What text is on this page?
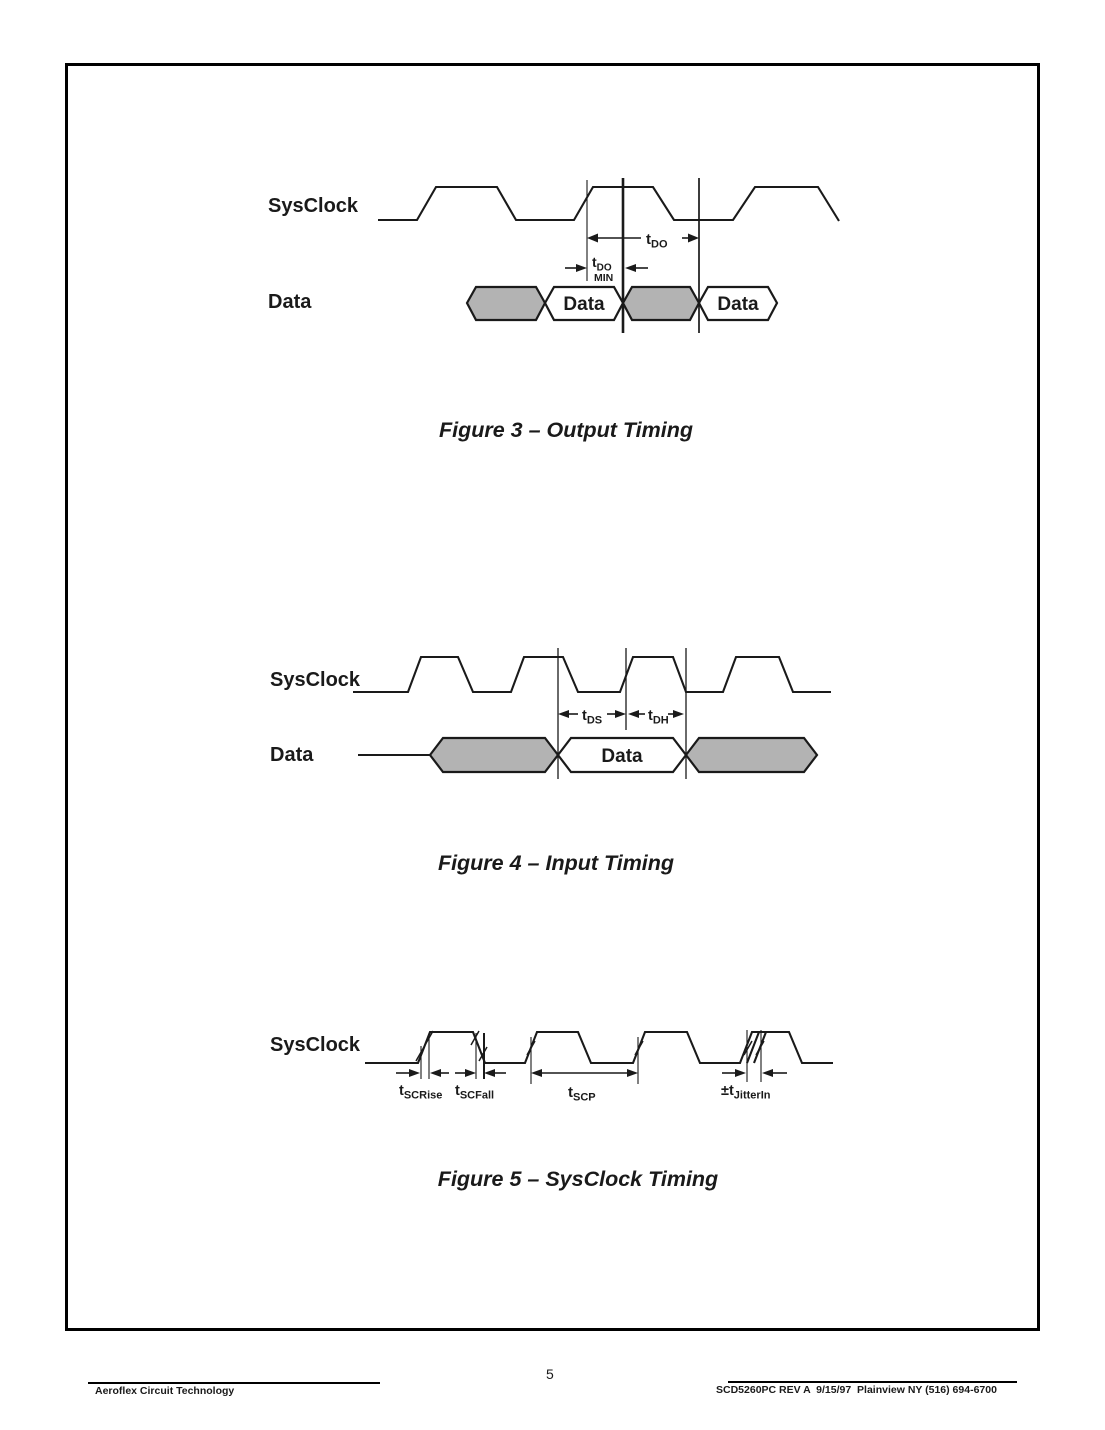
SysClock
Data
$t_{DO}$
$t_{DO}$
MIN
Data	Data
SysClock
Data
$t_{DS}$	$t_{DH}$
Data
SysClock
$t_{SCRise}$ $t_{SCFall}$	$t_{SCP}$	$\pm t_{JitterIn}$
Figure 3 – Output Timing
Figure 4 – Input Timing
Figure 5 – SysClock Timing
5
Aeroflex Circuit Technology	SCD5260PC REV A  9/15/97  Plainview NY (516) 694-6700
